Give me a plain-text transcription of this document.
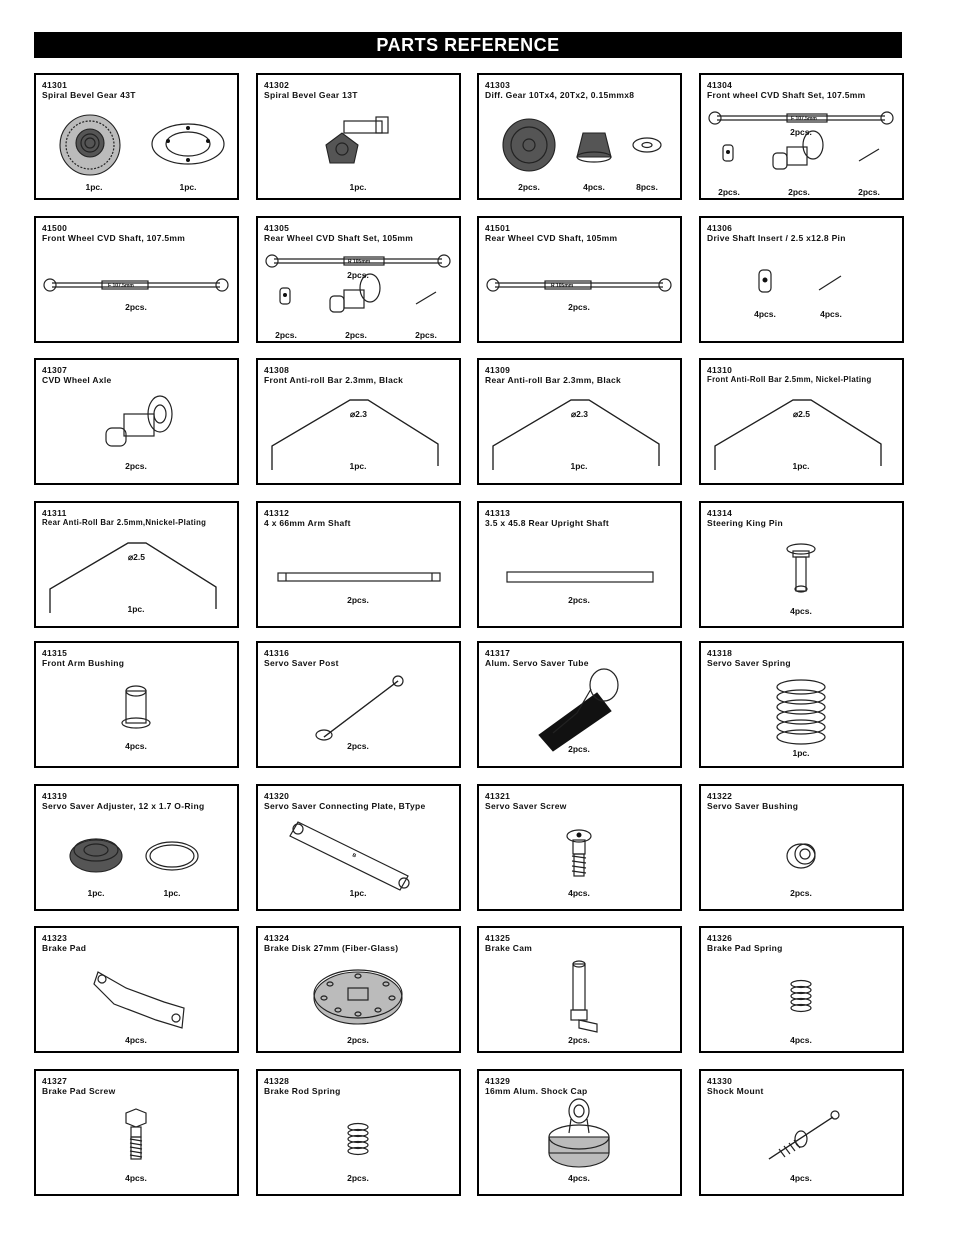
PARTS REFERENCE
41301
Spiral Bevel Gear 43T
1pc.	1pc.
41302
Spiral Bevel Gear 13T
1pc.
41303
Diff. Gear 10Tx4, 20Tx2, 0.15mmx8
2pcs.	4pcs.	8pcs.
41304
Front wheel CVD Shaft Set, 107.5mm
F 107.5mm
2pcs.
2pcs.	2pcs.	2pcs.
41500
Front Wheel CVD Shaft, 107.5mm
F 107.5mm
2pcs.
41305
Rear Wheel CVD Shaft Set, 105mm
R 105mm
2pcs.
2pcs.	2pcs.	2pcs.
41501
Rear Wheel CVD Shaft, 105mm
R 105mm
2pcs.
41306
Drive Shaft Insert / 2.5 x12.8 Pin
4pcs.	4pcs.
41307
CVD Wheel Axle
2pcs.
41308
Front Anti-roll Bar 2.3mm, Black
⌀2.3
1pc.
41309
Rear Anti-roll Bar 2.3mm, Black
⌀2.3
1pc.
41310
Front Anti-Roll Bar 2.5mm, Nickel-Plating
⌀2.5
1pc.
41311
Rear Anti-Roll Bar 2.5mm,Nnickel-Plating
⌀2.5
1pc.
41312
4 x 66mm Arm Shaft
2pcs.
41313
3.5 x 45.8 Rear Upright Shaft
2pcs.
41314
Steering King Pin
4pcs.
41315
Front Arm Bushing
4pcs.
41316
Servo Saver Post
2pcs.
41317
Alum. Servo Saver Tube
2pcs.
41318
Servo Saver Spring
1pc.
41319
Servo Saver Adjuster, 12 x 1.7 O-Ring
1pc.	1pc.
41320
Servo Saver Connecting Plate, BType
B
1pc.
41321
Servo Saver Screw
4pcs.
41322
Servo Saver Bushing
2pcs.
41323
Brake Pad
4pcs.
41324
Brake Disk 27mm (Fiber-Glass)
2pcs.
41325
Brake Cam
2pcs.
41326
Brake Pad Spring
4pcs.
41327
Brake Pad Screw
4pcs.
41328
Brake Rod Spring
2pcs.
41329
16mm Alum. Shock Cap
4pcs.
41330
Shock Mount
4pcs.
